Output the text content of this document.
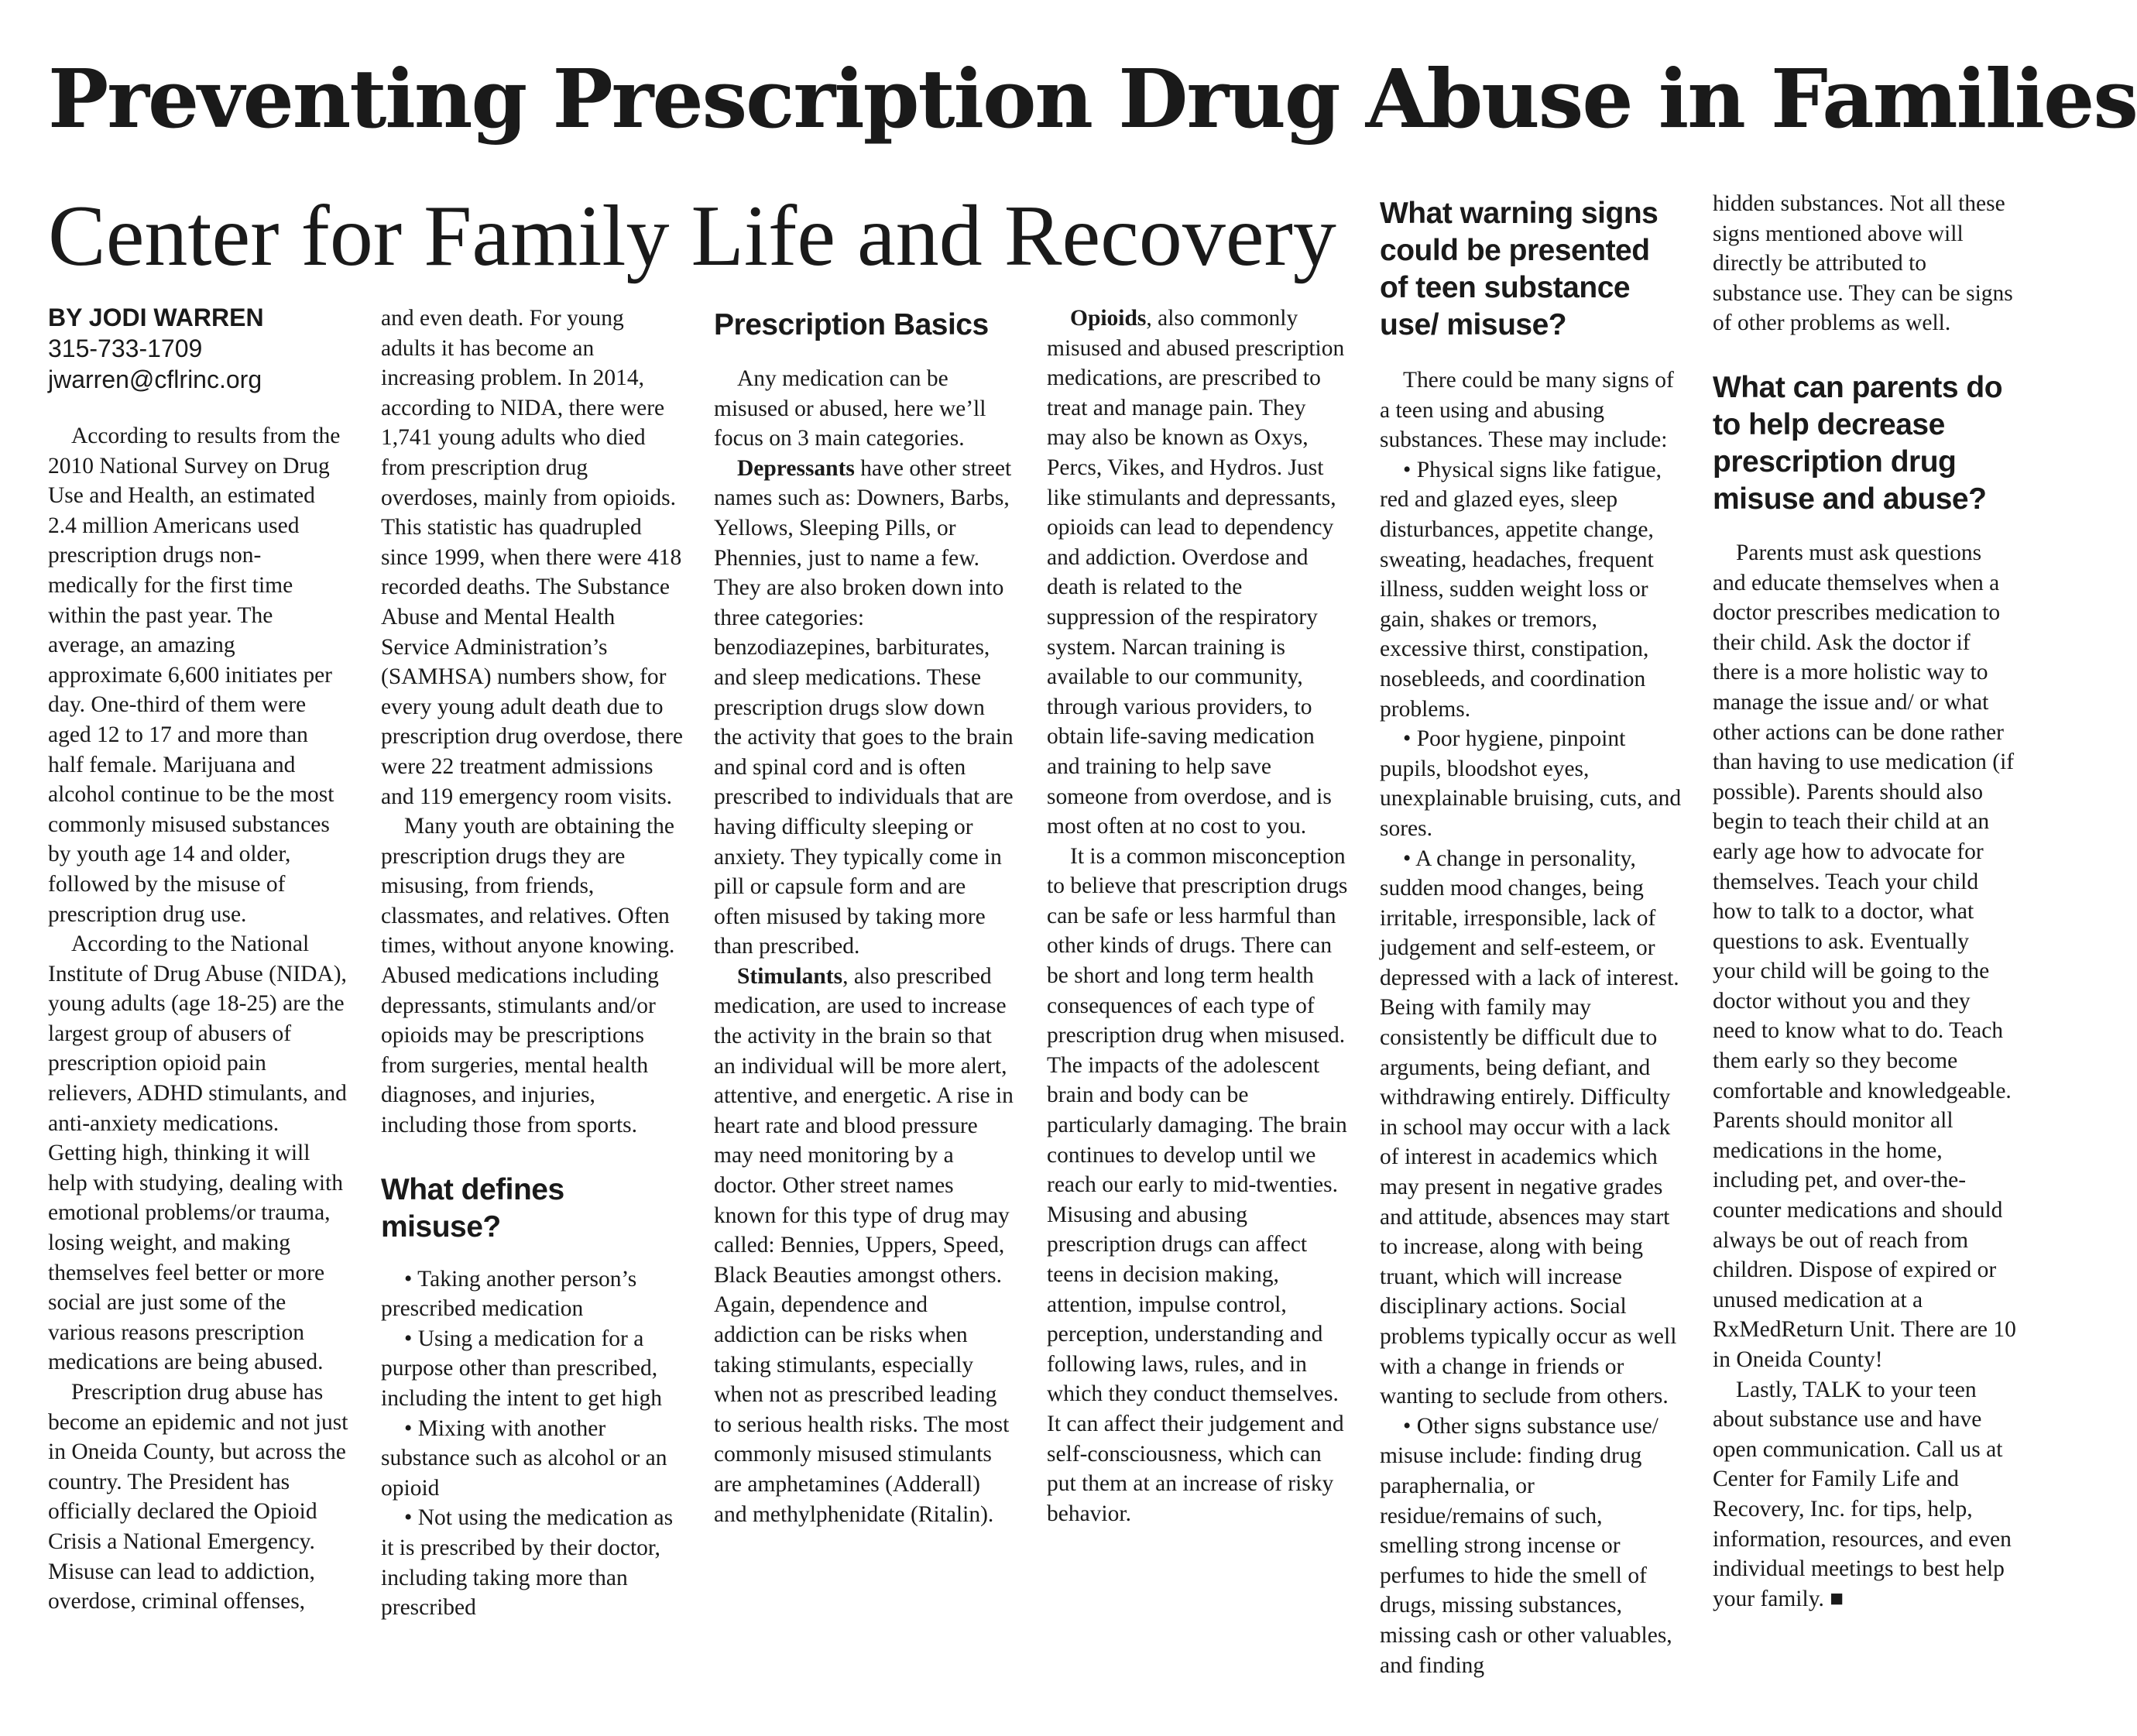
Preventing Prescription Drug Abuse in Families
Center for Family Life and Recovery
BY JODI WARREN
315-733-1709
jwarren@cflrinc.org

According to results from the 2010 National Survey on Drug Use and Health, an estimated 2.4 million Americans used prescription drugs non-medically for the first time within the past year. The average, an amazing approximate 6,600 initiates per day. One-third of them were aged 12 to 17 and more than half female. Marijuana and alcohol continue to be the most commonly misused substances by youth age 14 and older, followed by the misuse of prescription drug use.

According to the National Institute of Drug Abuse (NIDA), young adults (age 18-25) are the largest group of abusers of prescription opioid pain relievers, ADHD stimulants, and anti-anxiety medications. Getting high, thinking it will help with studying, dealing with emotional problems/or trauma, losing weight, and making themselves feel better or more social are just some of the various reasons prescription medications are being abused.

Prescription drug abuse has become an epidemic and not just in Oneida County, but across the country. The President has officially declared the Opioid Crisis a National Emergency. Misuse can lead to addiction, overdose, criminal offenses,

and even death. For young adults it has become an increasing problem. In 2014, according to NIDA, there were 1,741 young adults who died from prescription drug overdoses, mainly from opioids. This statistic has quadrupled since 1999, when there were 418 recorded deaths. The Substance Abuse and Mental Health Service Administration’s (SAMHSA) numbers show, for every young adult death due to prescription drug overdose, there were 22 treatment admissions and 119 emergency room visits.

Many youth are obtaining the prescription drugs they are misusing, from friends, classmates, and relatives. Often times, without anyone knowing. Abused medications including depressants, stimulants and/or opioids may be prescriptions from surgeries, mental health diagnoses, and injuries, including those from sports.

What defines misuse?

• Taking another person’s prescribed medication

• Using a medication for a purpose other than prescribed, including the intent to get high

• Mixing with another substance such as alcohol or an opioid

• Not using the medication as it is prescribed by their doctor, including taking more than prescribed

Prescription Basics

Any medication can be misused or abused, here we’ll focus on 3 main categories.

Depressants have other street names such as: Downers, Barbs, Yellows, Sleeping Pills, or Phennies, just to name a few. They are also broken down into three categories: benzodiazepines, barbiturates, and sleep medications. These prescription drugs slow down the activity that goes to the brain and spinal cord and is often prescribed to individuals that are having difficulty sleeping or anxiety. They typically come in pill or capsule form and are often misused by taking more than prescribed.

Stimulants, also prescribed medication, are used to increase the activity in the brain so that an individual will be more alert, attentive, and energetic. A rise in heart rate and blood pressure may need monitoring by a doctor. Other street names known for this type of drug may called: Bennies, Uppers, Speed, Black Beauties amongst others. Again, dependence and addiction can be risks when taking stimulants, especially when not as prescribed leading to serious health risks. The most commonly misused stimulants are amphetamines (Adderall) and methylphenidate (Ritalin).

Opioids, also commonly misused and abused prescription medications, are prescribed to treat and manage pain. They may also be known as Oxys, Percs, Vikes, and Hydros. Just like stimulants and depressants, opioids can lead to dependency and addiction. Overdose and death is related to the suppression of the respiratory system. Narcan training is available to our community, through various providers, to obtain life-saving medication and training to help save someone from overdose, and is most often at no cost to you.

It is a common misconception to believe that prescription drugs can be safe or less harmful than other kinds of drugs. There can be short and long term health consequences of each type of prescription drug when misused. The impacts of the adolescent brain and body can be particularly damaging. The brain continues to develop until we reach our early to mid-twenties. Misusing and abusing prescription drugs can affect teens in decision making, attention, impulse control, perception, understanding and following laws, rules, and in which they conduct themselves. It can affect their judgement and self-consciousness, which can put them at an increase of risky behavior.

What warning signs could be presented of teen substance use/ misuse?

There could be many signs of a teen using and abusing substances. These may include:

• Physical signs like fatigue, red and glazed eyes, sleep disturbances, appetite change, sweating, headaches, frequent illness, sudden weight loss or gain, shakes or tremors, excessive thirst, constipation, nosebleeds, and coordination problems.

• Poor hygiene, pinpoint pupils, bloodshot eyes, unexplainable bruising, cuts, and sores.

• A change in personality, sudden mood changes, being irritable, irresponsible, lack of judgement and self-esteem, or depressed with a lack of interest. Being with family may consistently be difficult due to arguments, being defiant, and withdrawing entirely. Difficulty in school may occur with a lack of interest in academics which may present in negative grades and attitude, absences may start to increase, along with being truant, which will increase disciplinary actions. Social problems typically occur as well with a change in friends or wanting to seclude from others.

• Other signs substance use/ misuse include: finding drug paraphernalia, or residue/remains of such, smelling strong incense or perfumes to hide the smell of drugs, missing substances, missing cash or other valuables, and finding

hidden substances. Not all these signs mentioned above will directly be attributed to substance use. They can be signs of other problems as well.

What can parents do to help decrease prescription drug misuse and abuse?

Parents must ask questions and educate themselves when a doctor prescribes medication to their child. Ask the doctor if there is a more holistic way to manage the issue and/ or what other actions can be done rather than having to use medication (if possible). Parents should also begin to teach their child at an early age how to advocate for themselves. Teach your child how to talk to a doctor, what questions to ask. Eventually your child will be going to the doctor without you and they need to know what to do. Teach them early so they become comfortable and knowledgeable. Parents should monitor all medications in the home, including pet, and over-the-counter medications and should always be out of reach from children. Dispose of expired or unused medication at a RxMedReturn Unit. There are 10 in Oneida County!

Lastly, TALK to your teen about substance use and have open communication. Call us at Center for Family Life and Recovery, Inc. for tips, help, information, resources, and even individual meetings to best help your family. ■
